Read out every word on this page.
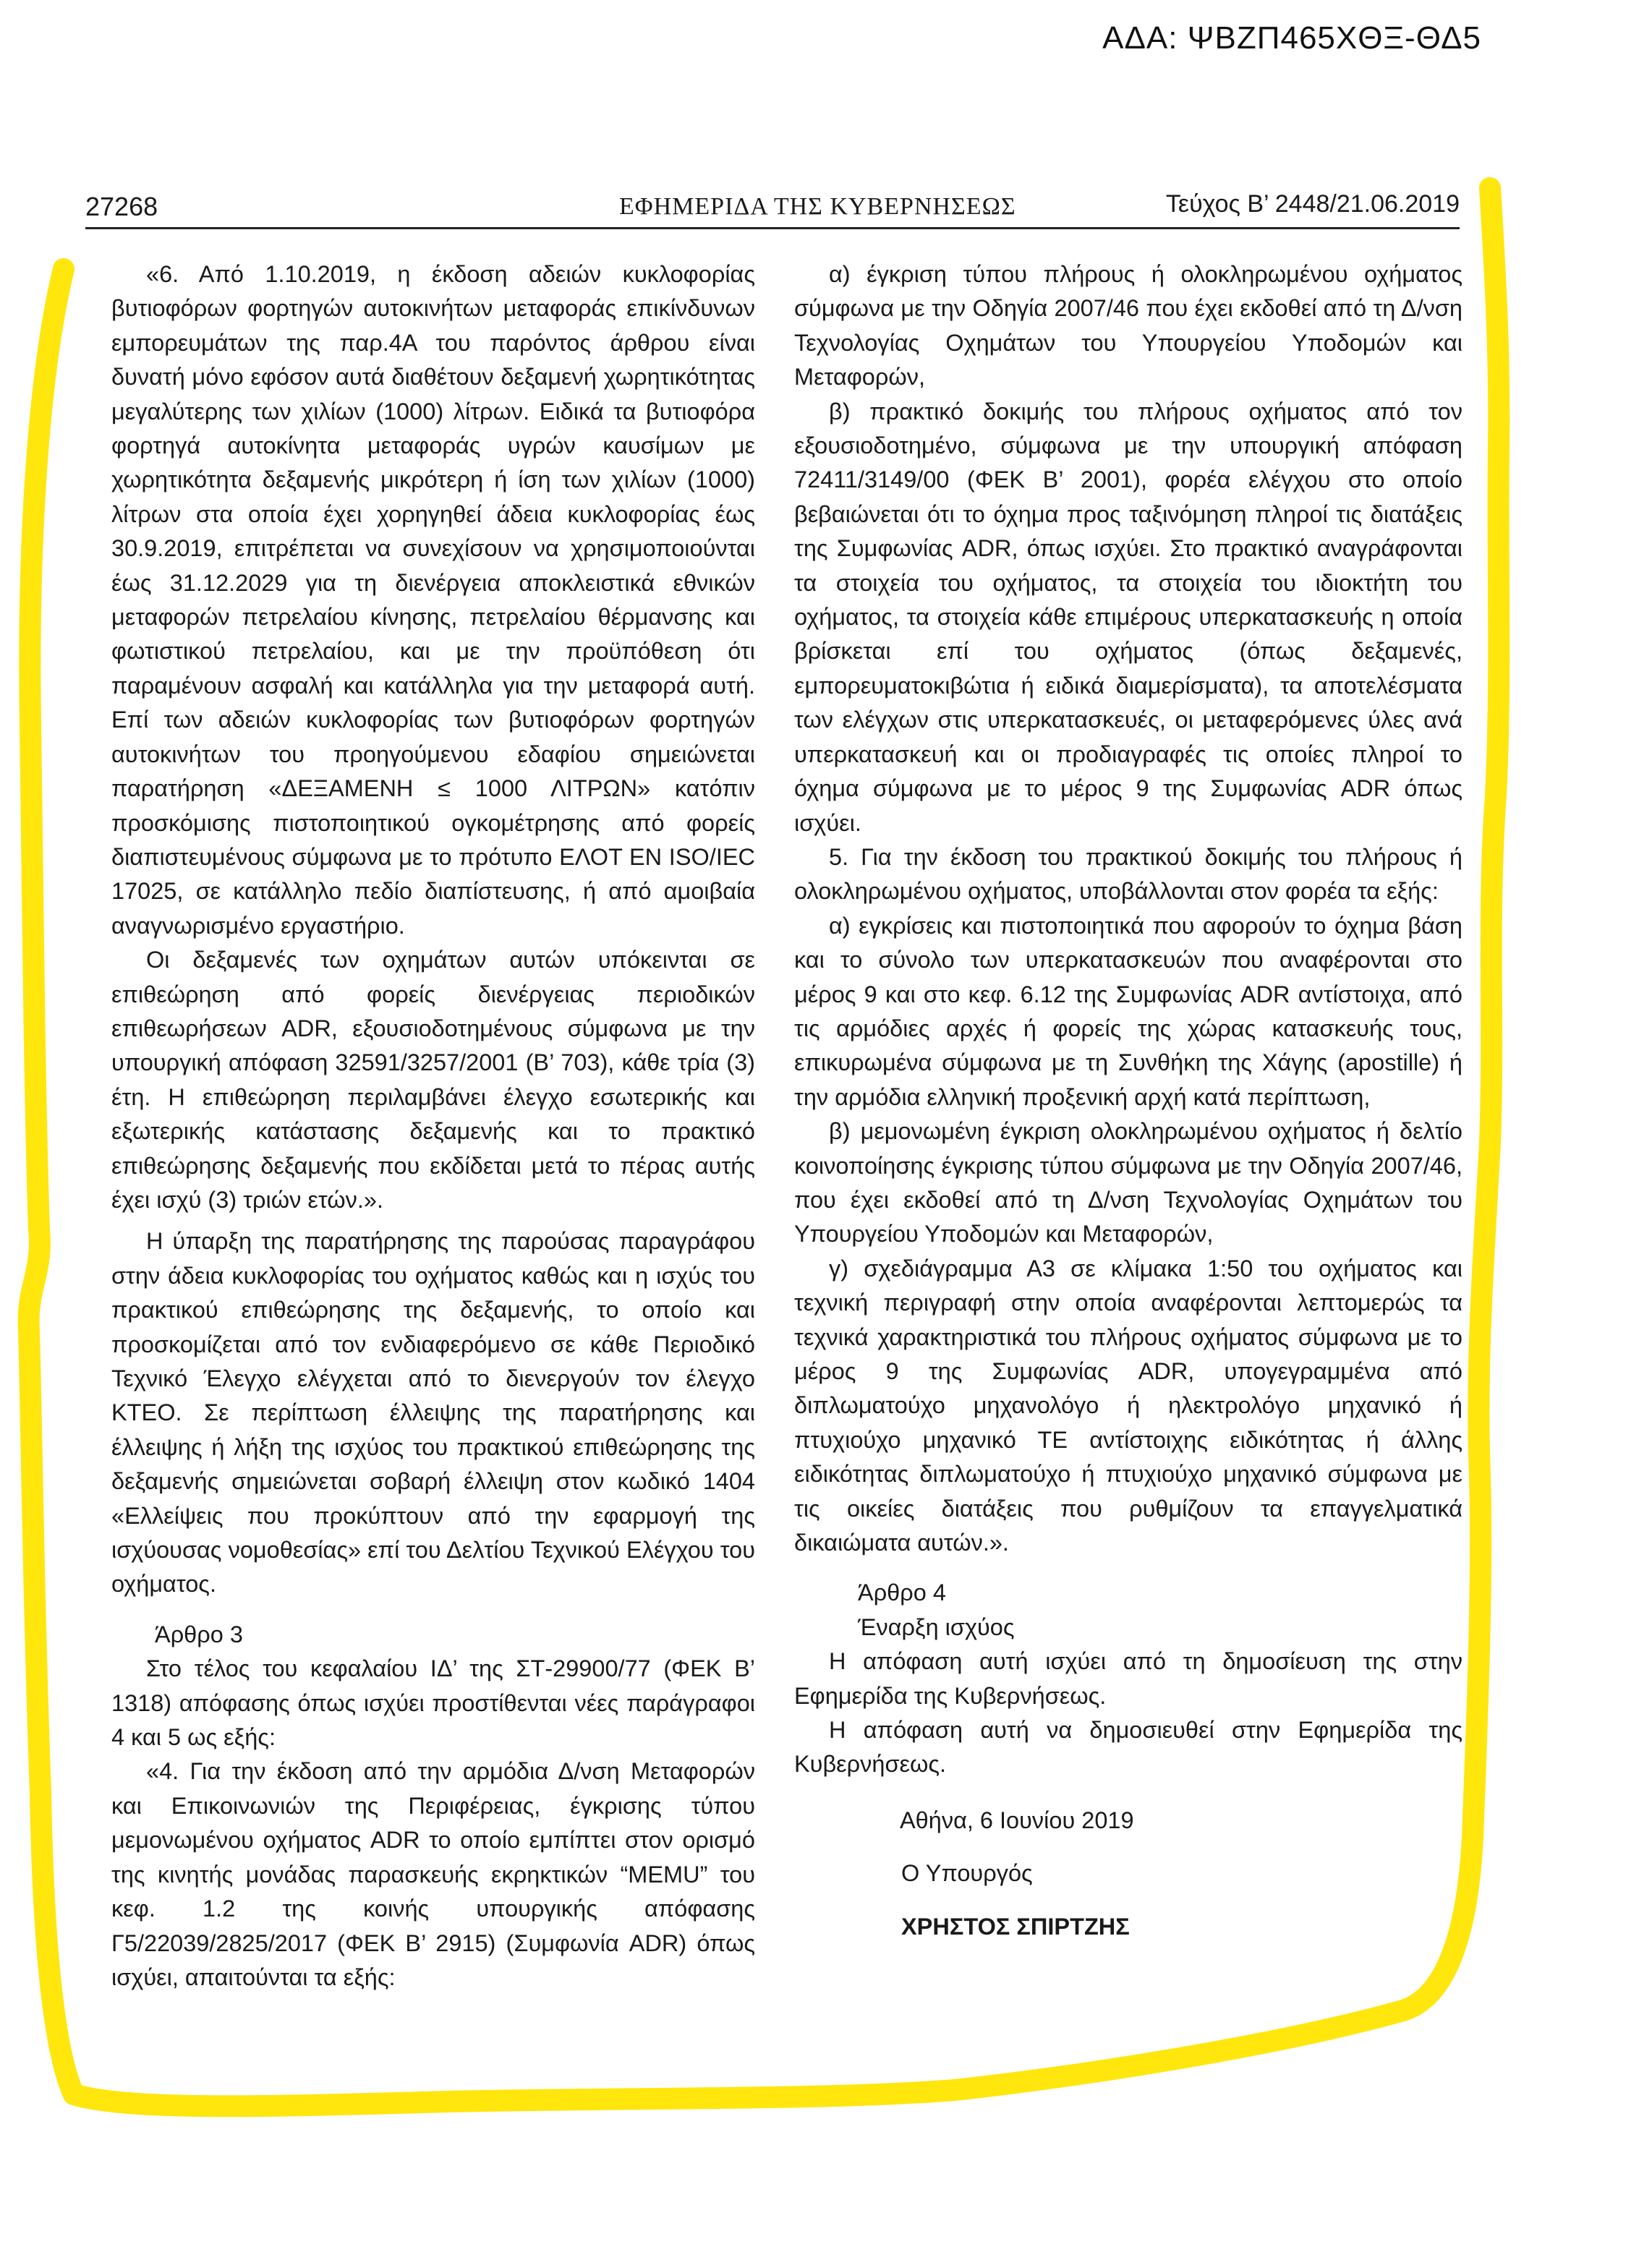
ΑΔΑ: ΨΒΖΠ465ΧΘΞ-ΘΔ5
27268	ΕΦΗΜΕΡΙΔΑ ΤΗΣ ΚΥΒΕΡΝΗΣΕΩΣ	Τεύχος Β’ 2448/21.06.2019

«6. Από 1.10.2019, η έκδοση αδειών κυκλοφορίας βυτιοφόρων φορτηγών αυτοκινήτων μεταφοράς επικίνδυνων εμπορευμάτων της παρ.4Α του παρόντος άρθρου είναι δυνατή μόνο εφόσον αυτά διαθέτουν δεξαμενή χωρητικότητας μεγαλύτερης των χιλίων (1000) λίτρων. Ειδικά τα βυτιοφόρα φορτηγά αυτοκίνητα μεταφοράς υγρών καυσίμων με χωρητικότητα δεξαμενής μικρότερη ή ίση των χιλίων (1000) λίτρων στα οποία έχει χορηγηθεί άδεια κυκλοφορίας έως 30.9.2019, επιτρέπεται να συνεχίσουν να χρησιμοποιούνται έως 31.12.2029 για τη διενέργεια αποκλειστικά εθνικών μεταφορών πετρελαίου κίνησης, πετρελαίου θέρμανσης και φωτιστικού πετρελαίου, και με την προϋπόθεση ότι παραμένουν ασφαλή και κατάλληλα για την μεταφορά αυτή. Επί των αδειών κυκλοφορίας των βυτιοφόρων φορτηγών αυτοκινήτων του προηγούμενου εδαφίου σημειώνεται παρατήρηση «ΔΕΞΑΜΕΝΗ ≤ 1000 ΛΙΤΡΩΝ» κατόπιν προσκόμισης πιστοποιητικού ογκομέτρησης από φορείς διαπιστευμένους σύμφωνα με το πρότυπο ΕΛΟΤ ΕΝ ISO/IEC 17025, σε κατάλληλο πεδίο διαπίστευσης, ή από αμοιβαία αναγνωρισμένο εργαστήριο.

Οι δεξαμενές των οχημάτων αυτών υπόκεινται σε επιθεώρηση από φορείς διενέργειας περιοδικών επιθεωρήσεων ADR, εξουσιοδοτημένους σύμφωνα με την υπουργική απόφαση 32591/3257/2001 (Β’ 703), κάθε τρία (3) έτη. Η επιθεώρηση περιλαμβάνει έλεγχο εσωτερικής και εξωτερικής κατάστασης δεξαμενής και το πρακτικό επιθεώρησης δεξαμενής που εκδίδεται μετά το πέρας αυτής έχει ισχύ (3) τριών ετών.».

Η ύπαρξη της παρατήρησης της παρούσας παραγράφου στην άδεια κυκλοφορίας του οχήματος καθώς και η ισχύς του πρακτικού επιθεώρησης της δεξαμενής, το οποίο και προσκομίζεται από τον ενδιαφερόμενο σε κάθε Περιοδικό Τεχνικό Έλεγχο ελέγχεται από το διενεργούν τον έλεγχο ΚΤΕΟ. Σε περίπτωση έλλειψης της παρατήρησης και έλλειψης ή λήξη της ισχύος του πρακτικού επιθεώρησης της δεξαμενής σημειώνεται σοβαρή έλλειψη στον κωδικό 1404 «Ελλείψεις που προκύπτουν από την εφαρμογή της ισχύουσας νομοθεσίας» επί του Δελτίου Τεχνικού Ελέγχου του οχήματος.

Άρθρο 3

Στο τέλος του κεφαλαίου ΙΔ’ της ΣΤ-29900/77 (ΦΕΚ Β’ 1318) απόφασης όπως ισχύει προστίθενται νέες παράγραφοι 4 και 5 ως εξής:

«4. Για την έκδοση από την αρμόδια Δ/νση Μεταφορών και Επικοινωνιών της Περιφέρειας, έγκρισης τύπου μεμονωμένου οχήματος ADR το οποίο εμπίπτει στον ορισμό της κινητής μονάδας παρασκευής εκρηκτικών “MEMU” του κεφ. 1.2 της κοινής υπουργικής απόφασης Γ5/22039/2825/2017 (ΦΕΚ Β’ 2915) (Συμφωνία ADR) όπως ισχύει, απαιτούνται τα εξής:

α) έγκριση τύπου πλήρους ή ολοκληρωμένου οχήματος σύμφωνα με την Οδηγία 2007/46 που έχει εκδοθεί από τη Δ/νση Τεχνολογίας Οχημάτων του Υπουργείου Υποδομών και Μεταφορών,

β) πρακτικό δοκιμής του πλήρους οχήματος από τον εξουσιοδοτημένο, σύμφωνα με την υπουργική απόφαση 72411/3149/00 (ΦΕΚ Β’ 2001), φορέα ελέγχου στο οποίο βεβαιώνεται ότι το όχημα προς ταξινόμηση πληροί τις διατάξεις της Συμφωνίας ADR, όπως ισχύει. Στο πρακτικό αναγράφονται τα στοιχεία του οχήματος, τα στοιχεία του ιδιοκτήτη του οχήματος, τα στοιχεία κάθε επιμέρους υπερκατασκευής η οποία βρίσκεται επί του οχήματος (όπως δεξαμενές, εμπορευματοκιβώτια ή ειδικά διαμερίσματα), τα αποτελέσματα των ελέγχων στις υπερκατασκευές, οι μεταφερόμενες ύλες ανά υπερκατασκευή και οι προδιαγραφές τις οποίες πληροί το όχημα σύμφωνα με το μέρος 9 της Συμφωνίας ADR όπως ισχύει.

5. Για την έκδοση του πρακτικού δοκιμής του πλήρους ή ολοκληρωμένου οχήματος, υποβάλλονται στον φορέα τα εξής:

α) εγκρίσεις και πιστοποιητικά που αφορούν το όχημα βάση και το σύνολο των υπερκατασκευών που αναφέρονται στο μέρος 9 και στο κεφ. 6.12 της Συμφωνίας ADR αντίστοιχα, από τις αρμόδιες αρχές ή φορείς της χώρας κατασκευής τους, επικυρωμένα σύμφωνα με τη Συνθήκη της Χάγης (apostille) ή την αρμόδια ελληνική προξενική αρχή κατά περίπτωση,

β) μεμονωμένη έγκριση ολοκληρωμένου οχήματος ή δελτίο κοινοποίησης έγκρισης τύπου σύμφωνα με την Οδηγία 2007/46, που έχει εκδοθεί από τη Δ/νση Τεχνολογίας Οχημάτων του Υπουργείου Υποδομών και Μεταφορών,

γ) σχεδιάγραμμα Α3 σε κλίμακα 1:50 του οχήματος και τεχνική περιγραφή στην οποία αναφέρονται λεπτομερώς τα τεχνικά χαρακτηριστικά του πλήρους οχήματος σύμφωνα με το μέρος 9 της Συμφωνίας ADR, υπογεγραμμένα από διπλωματούχο μηχανολόγο ή ηλεκτρολόγο μηχανικό ή πτυχιούχο μηχανικό ΤΕ αντίστοιχης ειδικότητας ή άλλης ειδικότητας διπλωματούχο ή πτυχιούχο μηχανικό σύμφωνα με τις οικείες διατάξεις που ρυθμίζουν τα επαγγελματικά δικαιώματα αυτών.».

Άρθρο 4

Έναρξη ισχύος

Η απόφαση αυτή ισχύει από τη δημοσίευση της στην Εφημερίδα της Κυβερνήσεως.

Η απόφαση αυτή να δημοσιευθεί στην Εφημερίδα της Κυβερνήσεως.

Αθήνα, 6 Ιουνίου 2019

Ο Υπουργός

ΧΡΗΣΤΟΣ ΣΠΙΡΤΖΗΣ
